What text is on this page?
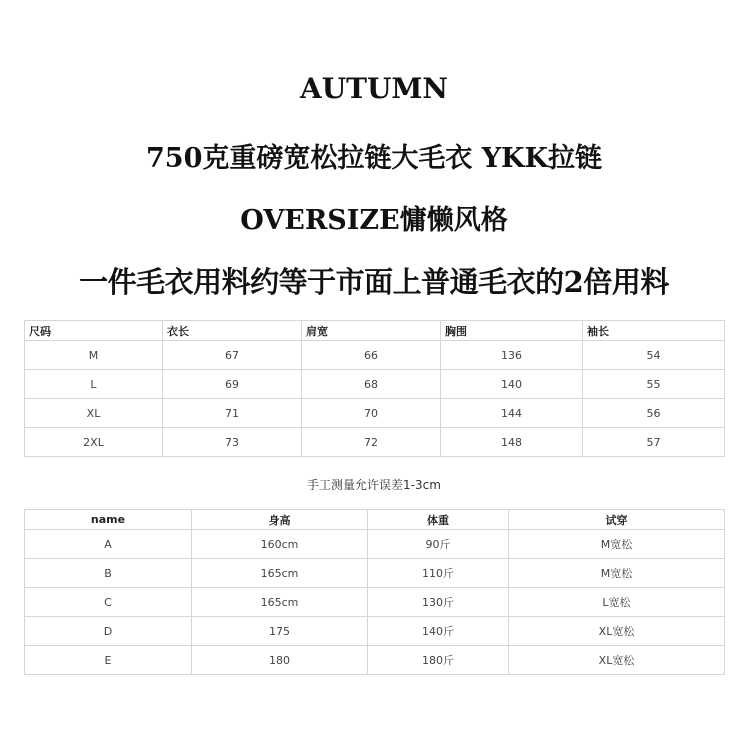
AUTUMN
750克重磅宽松拉链大毛衣 YKK拉链
OVERSIZE慵懒风格
一件毛衣用料约等于市面上普通毛衣的2倍用料
尺码	衣长	肩宽	胸围	袖长
M	67	66	136	54
L	69	68	140	55
XL	71	70	144	56
2XL	73	72	148	57
手工测量允许误差1-3cm
name	身高	体重	试穿
A	160cm	90斤	M宽松
B	165cm	110斤	M宽松
C	165cm	130斤	L宽松
D	175	140斤	XL宽松
E	180	180斤	XL宽松
